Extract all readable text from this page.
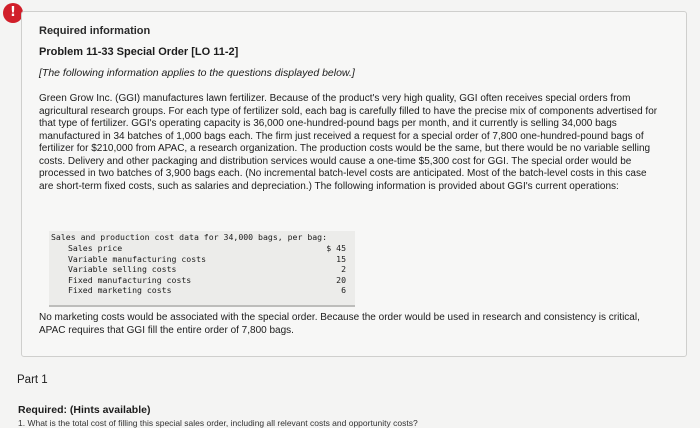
!
Required information
Problem 11-33 Special Order [LO 11-2]
[The following information applies to the questions displayed below.]

Green Grow Inc. (GGI) manufactures lawn fertilizer. Because of the product's very high quality, GGI often receives special orders from agricultural research groups. For each type of fertilizer sold, each bag is carefully filled to have the precise mix of components advertised for that type of fertilizer. GGI's operating capacity is 36,000 one-hundred-pound bags per month, and it currently is selling 34,000 bags manufactured in 34 batches of 1,000 bags each. The firm just received a request for a special order of 7,800 one-hundred-pound bags of fertilizer for $210,000 from APAC, a research organization. The production costs would be the same, but there would be no variable selling costs. Delivery and other packaging and distribution services would cause a one-time $5,300 cost for GGI. The special order would be processed in two batches of 3,900 bags each. (No incremental batch-level costs are anticipated. Most of the batch-level costs in this case are short-term fixed costs, such as salaries and depreciation.) The following information is provided about GGI's current operations:

Sales and production cost data for 34,000 bags, per bag:
Sales price	$ 45
Variable manufacturing costs	15
Variable selling costs	2
Fixed manufacturing costs	20
Fixed marketing costs	6

No marketing costs would be associated with the special order. Because the order would be used in research and consistency is critical, APAC requires that GGI fill the entire order of 7,800 bags.

Part 1
Required: (Hints available)
1. What is the total cost of filling this special sales order, including all relevant costs and opportunity costs?
